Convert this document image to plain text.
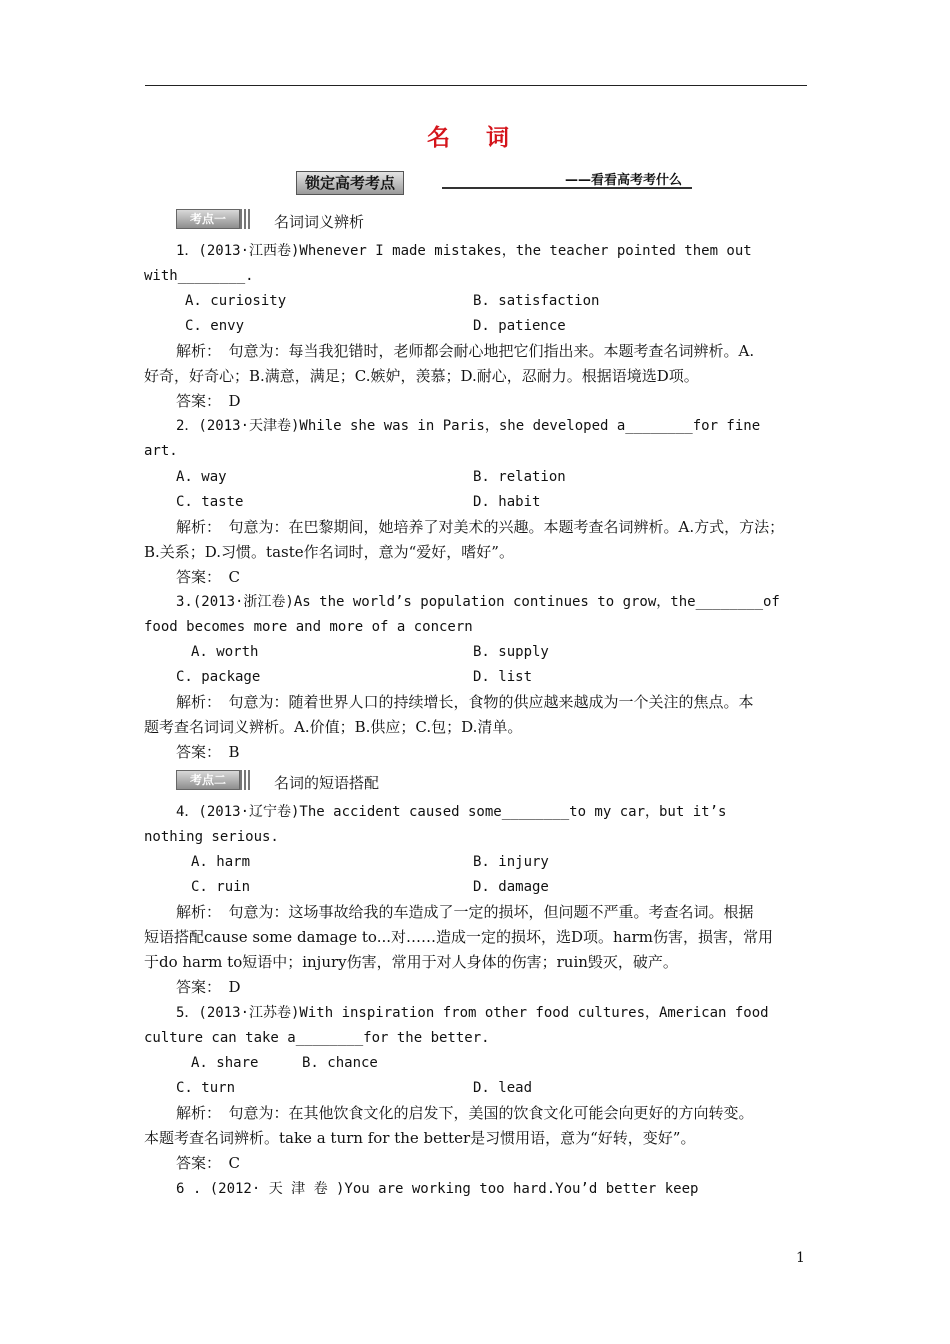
名 词
锁定高考考点	——看看高考考什么
考点一	名词词义辨析
1．(2013·江西卷)Whenever I made mistakes，the teacher pointed them out
with________.
A. curiosity	B. satisfaction
C. envy	D. patience
解析：　句意为：每当我犯错时，老师都会耐心地把它们指出来。本题考查名词辨析。A.
好奇，好奇心；B.满意，满足；C.嫉妒，羡慕；D.耐心，忍耐力。根据语境选D项。
答案：　D
2．(2013·天津卷)While she was in Paris，she developed a________for fine
art.
A. way	B. relation
C. taste	D. habit
解析：　句意为：在巴黎期间，她培养了对美术的兴趣。本题考查名词辨析。A.方式，方法；
B.关系；D.习惯。taste作名词时，意为“爱好，嗜好”。
答案：　C
3.(2013·浙江卷)As the world’s population continues to grow，the________of
food becomes more and more of a concern
A. worth	B. supply
C. package	D. list
解析：　句意为：随着世界人口的持续增长，食物的供应越来越成为一个关注的焦点。本
题考查名词词义辨析。A.价值；B.供应；C.包；D.清单。
答案：　B
考点二	名词的短语搭配
4．(2013·辽宁卷)The accident caused some________to my car，but it’s
nothing serious.
A. harm	B. injury
C. ruin	D. damage
解析：　句意为：这场事故给我的车造成了一定的损坏，但问题不严重。考查名词。根据
短语搭配cause some damage to...对……造成一定的损坏，选D项。harm伤害，损害，常用
于do harm to短语中；injury伤害，常用于对人身体的伤害；ruin毁灭，破产。
答案：　D
5．(2013·江苏卷)With inspiration from other food cultures，American food
culture can take a________for the better.
A. share	B. chance
C. turn	D. lead
解析：　句意为：在其他饮食文化的启发下，美国的饮食文化可能会向更好的方向转变。
本题考查名词辨析。take a turn for the better是习惯用语，意为“好转，变好”。
答案：　C
6 . (2012· 天 津 卷 )You are working too hard.You’d better keep
1
